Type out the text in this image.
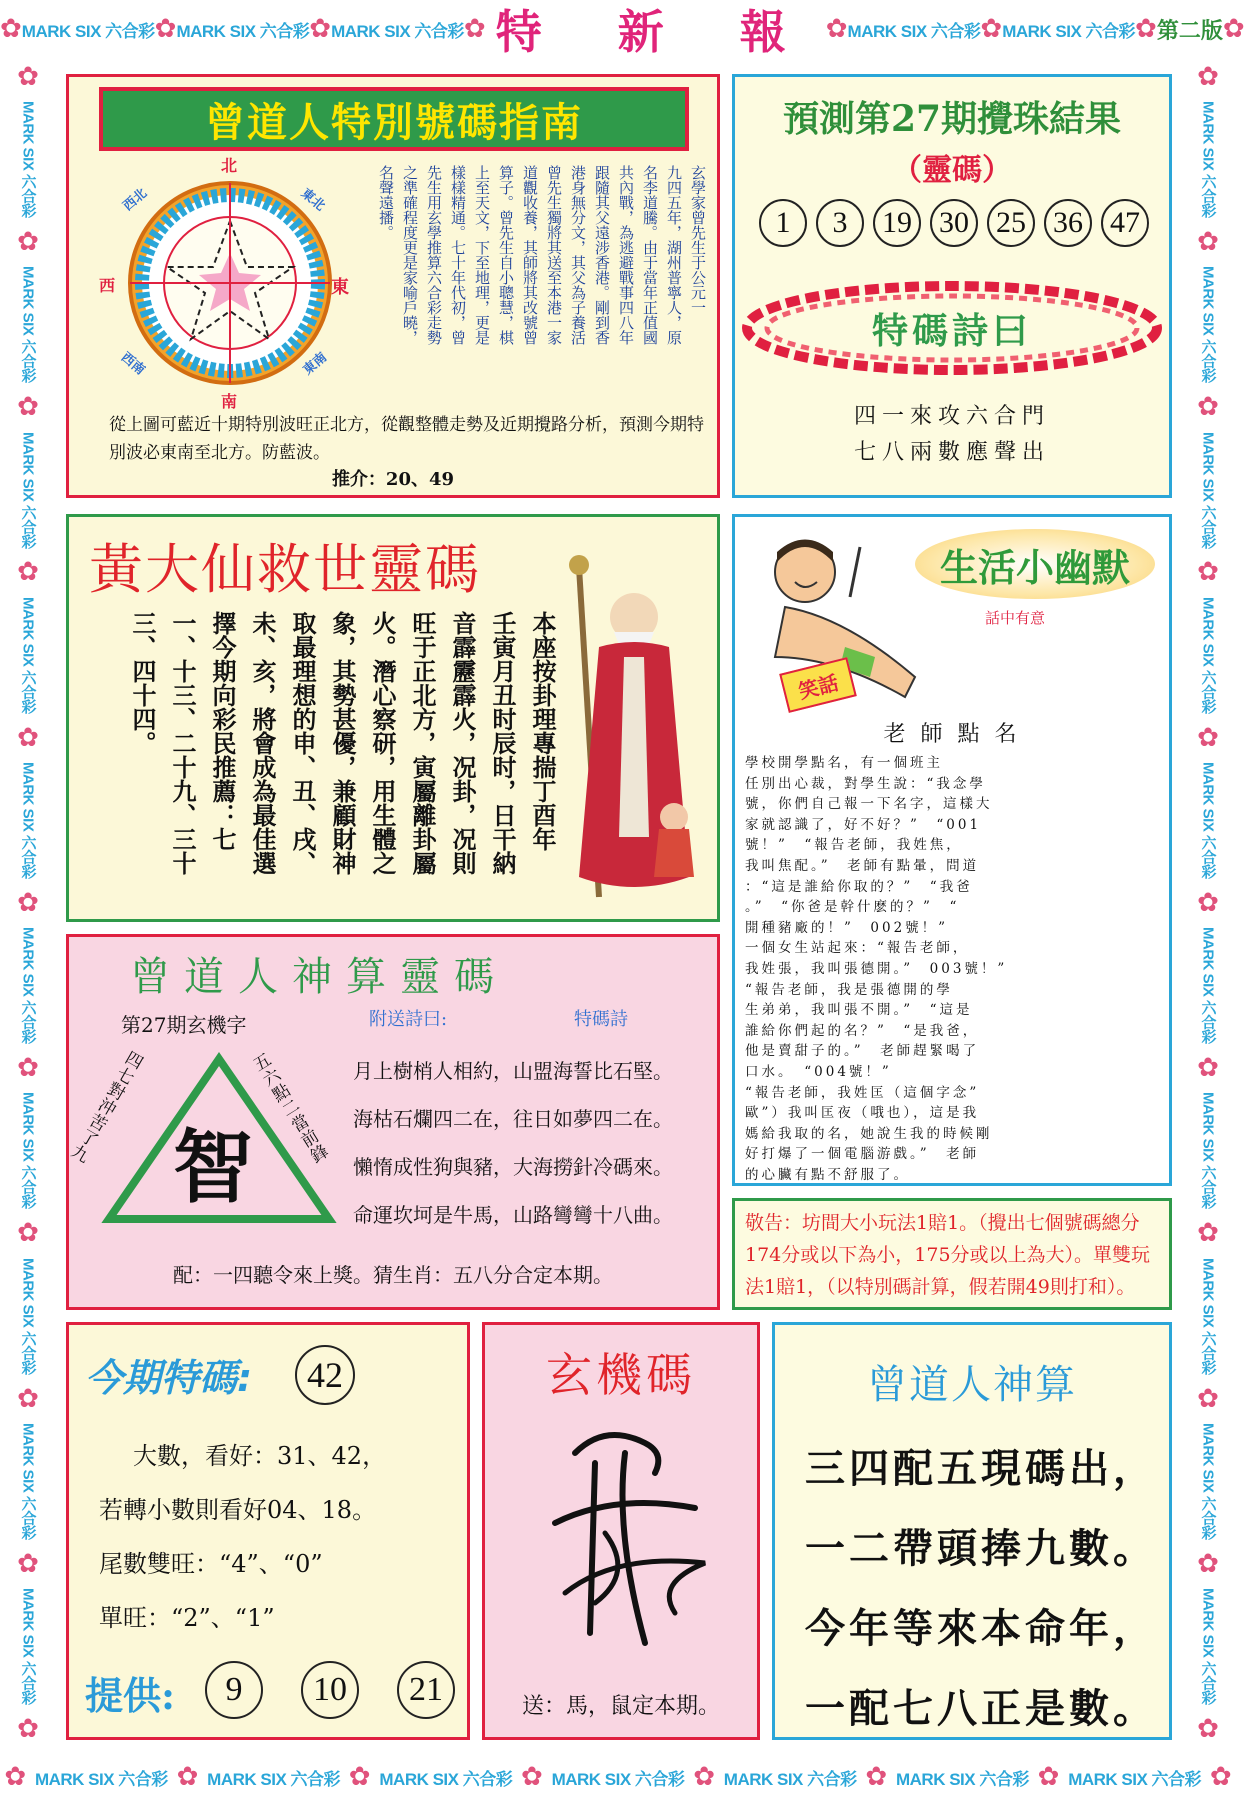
✿ MARK SIX 六合彩 ✿ MARK SIX 六合彩 ✿ MARK SIX 六合彩 ✿ 特 新 報 ✿ MARK SIX 六合彩 ✿ MARK SIX 六合彩 ✿ 第二版 ✿
✿
MARK SIX 六合彩
✿
MARK SIX 六合彩
✿
MARK SIX 六合彩
✿
MARK SIX 六合彩
✿
MARK SIX 六合彩
✿
MARK SIX 六合彩
✿
MARK SIX 六合彩
✿
MARK SIX 六合彩
✿
MARK SIX 六合彩
✿
MARK SIX 六合彩
✿
✿
MARK SIX 六合彩
✿
MARK SIX 六合彩
✿
MARK SIX 六合彩
✿
MARK SIX 六合彩
✿
MARK SIX 六合彩
✿
MARK SIX 六合彩
✿
MARK SIX 六合彩
✿
MARK SIX 六合彩
✿
MARK SIX 六合彩
✿
MARK SIX 六合彩
✿
✿ MARK SIX 六合彩 ✿ MARK SIX 六合彩 ✿ MARK SIX 六合彩 ✿ MARK SIX 六合彩 ✿ MARK SIX 六合彩 ✿ MARK SIX 六合彩 ✿ MARK SIX 六合彩 ✿
曾道人特別號碼指南
北
南
西	東
西北	東北
西南	東南
玄學家曾先生于公元一
九四五年，湖州普寧人，原
名李道騰。由于當年正值國
共內戰，為逃避戰事四八年
跟隨其父遠涉香港。剛到香
港身無分文，其父為子養活
曾先生獨將其送至本港一家
道觀收養，其師將其改號曾
算子。曾先生自小聰慧，棋
上至天文，下至地理，更是
樣樣精通。七十年代初，曾
先生用玄學推算六合彩走勢
之準確程度更是家喻戶曉，
名聲遠播。
從上圖可藍近十期特別波旺正北方，從觀整體走勢及近期攪路分析，預測今期特別波必東南至北方。防藍波。
推介：20、49
預測第27期攪珠結果
（靈碼）
1	3	19 30 25 36 47
特碼詩曰
四一來攻六合門
七八兩數應聲出
黃大仙救世靈碼
本座按卦理專揣丁酉年
壬寅月丑时辰时，日干納
音霹靂霹火，况卦，况則
旺于正北方，寅屬離卦屬
火。潛心察研，用生體之
象，其勢甚優，兼顧財神
取最理想的申、丑、戌、
未、亥，將會成為最佳選
擇今期向彩民推薦：七
一、十三、二十九、三十
三、四十四。	笑話
生活小幽默
話中有意
老 師 點 名
學校開學點名，有一個班主
任別出心裁，對學生說：“我念學
號，你們自己報一下名字，這樣大
家就認識了，好不好？”　“001
號！”　“報告老師，我姓焦，
我叫焦配。”　老師有點暈，問道
：“這是誰給你取的？”　“我爸
。”　“你爸是幹什麽的？”　“
開種豬廠的！”　002號！”
一個女生站起來：“報告老師，
我姓張，我叫張德開。”　003號！”
“報告老師，我是張德開的學
生弟弟，我叫張不開。”　“這是
誰給你們起的名？”　“是我爸，
他是賣甜子的。”　老師趕緊喝了
口水。　“004號！”
“報告老師，我姓匡（這個字念”
歐”）我叫匡夜（哦也），這是我
媽給我取的名，她說生我的時候剛
好打爆了一個電腦游戲。”　老師
的心臟有點不舒服了。
曾道人神算靈碼
第27期玄機字	附送詩曰:	特碼詩
智
四七對沖苦了九
五六點二當前鋒
月上樹梢人相約，山盟海誓比石堅。
海枯石爛四二在，往日如夢四二在。
懶惰成性狗與豬，大海撈針冷碼來。
命運坎坷是牛馬，山路彎彎十八曲。
配：一四聽令來上獎。猜生肖：五八分合定本期。
敬告：坊間大小玩法1賠1。（攪出七個號碼總分174分或以下為小，175分或以上為大）。單雙玩法1賠1，（以特別碼計算，假若開49則打和）。
今期特碼:	42
大數，看好：31、42，
若轉小數則看好04、18。
尾數雙旺：“4”、“0”
單旺：“2”、“1”
提供:	9	10	21
玄機碼
送：馬，鼠定本期。
曾道人神算
三四配五現碼出，
一二帶頭捧九數。
今年等來本命年，
一配七八正是數。
